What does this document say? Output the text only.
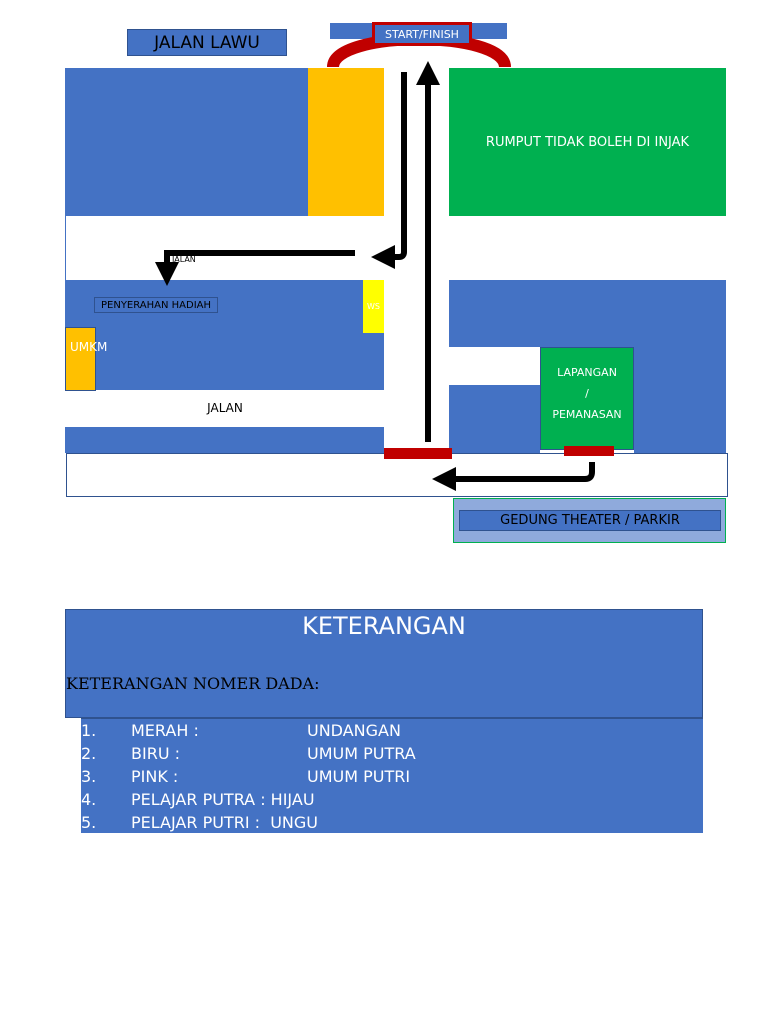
JALAN LAWU	START/FINISH
RUMPUT TIDAK BOLEH DI INJAK
PENYERAHAN HADIAH	WS
UMKM
JALAN
LAPANGAN
/
PEMANASAN
GEDUNG THEATER / PARKIR
JALAN
KETERANGAN
KETERANGAN NOMER DADA:
1.	MERAH :	UNDANGAN
2.	BIRU :	UMUM PUTRA
3.	PINK :	UMUM PUTRI
4.	PELAJAR PUTRA : HIJAU
5.	PELAJAR PUTRI :  UNGU
